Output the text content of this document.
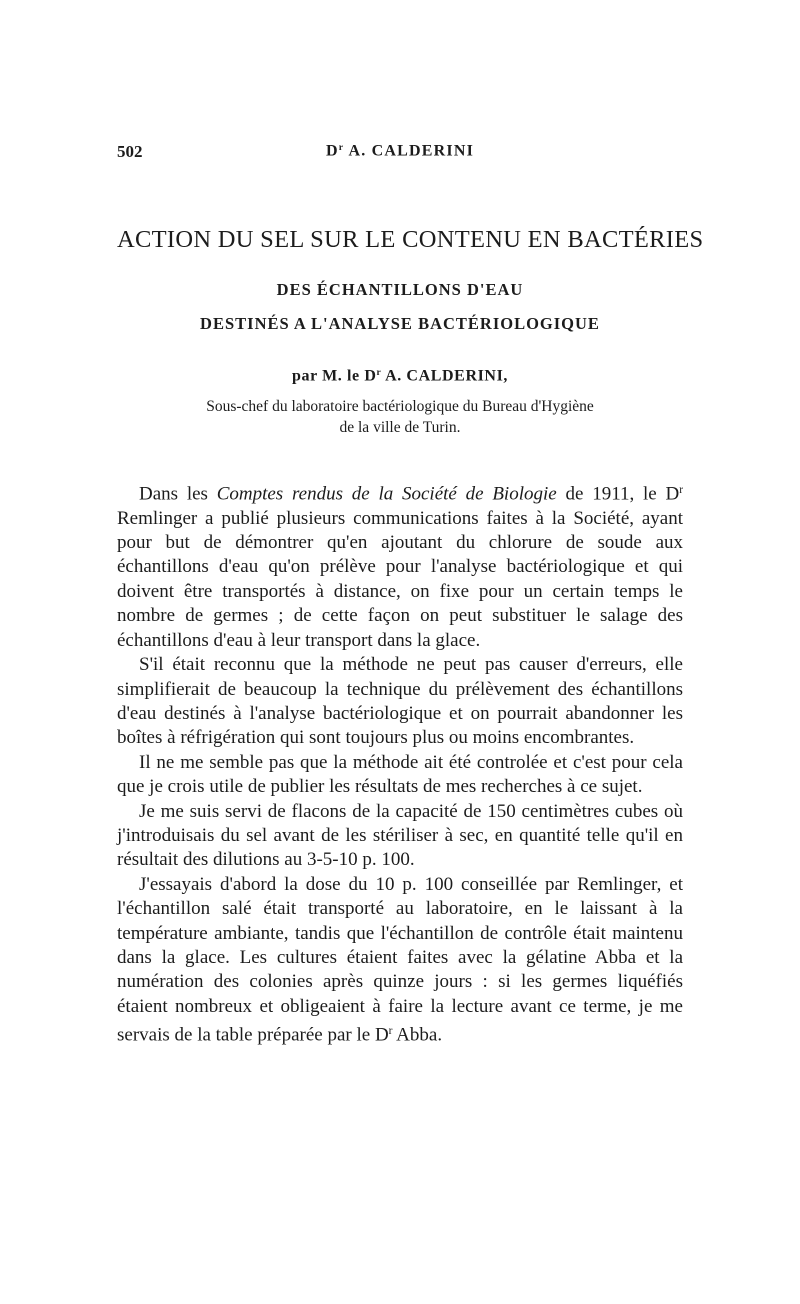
502	$D^r$ A. CALDERINI
ACTION DU SEL SUR LE CONTENU EN BACTÉRIES
DES ÉCHANTILLONS D'EAU
DESTINÉS A L'ANALYSE BACTÉRIOLOGIQUE
par M. le $D^r$ A. CALDERINI,
Sous-chef du laboratoire bactériologique du Bureau d'Hygiène
de la ville de Turin.

Dans les Comptes rendus de la Société de Biologie de 1911, le $D^r$ Remlinger a publié plusieurs communications faites à la Société, ayant pour but de démontrer qu'en ajoutant du chlorure de soude aux échantillons d'eau qu'on prélève pour l'analyse bactériologique et qui doivent être transportés à distance, on fixe pour un certain temps le nombre de germes ; de cette façon on peut substituer le salage des échantillons d'eau à leur transport dans la glace.

S'il était reconnu que la méthode ne peut pas causer d'erreurs, elle simplifierait de beaucoup la technique du prélèvement des échantillons d'eau destinés à l'analyse bactériologique et on pourrait abandonner les boîtes à réfrigération qui sont toujours plus ou moins encombrantes.

Il ne me semble pas que la méthode ait été controlée et c'est pour cela que je crois utile de publier les résultats de mes recherches à ce sujet.

Je me suis servi de flacons de la capacité de 150 centimètres cubes où j'introduisais du sel avant de les stériliser à sec, en quantité telle qu'il en résultait des dilutions au 3-5-10 p. 100.

J'essayais d'abord la dose du 10 p. 100 conseillée par Remlinger, et l'échantillon salé était transporté au laboratoire, en le laissant à la température ambiante, tandis que l'échantillon de contrôle était maintenu dans la glace. Les cultures étaient faites avec la gélatine Abba et la numération des colonies après quinze jours : si les germes liquéfiés étaient nombreux et obligeaient à faire la lecture avant ce terme, je me servais de la table préparée par le $D^r$ Abba.
